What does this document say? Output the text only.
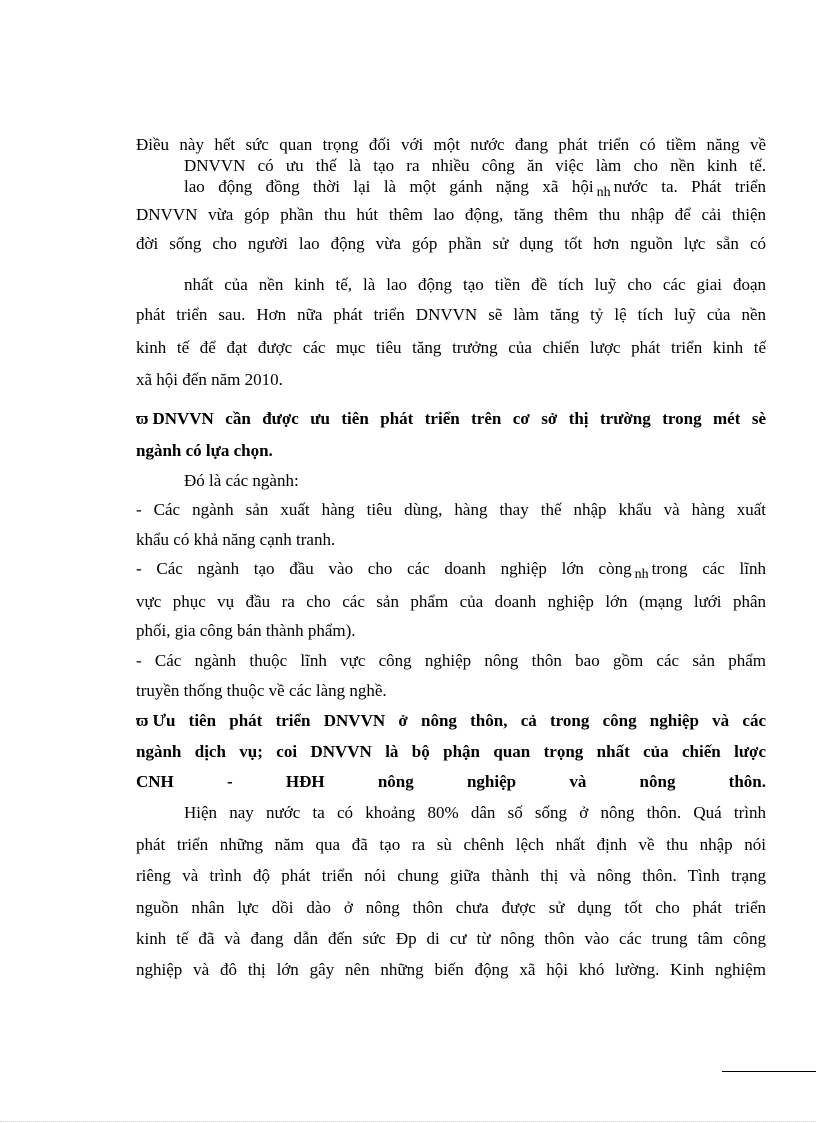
DNVVN có ưu thế là tạo ra nhiều công ăn việc làm cho nền kinh tế.
Điều này hết sức quan trọng đối với một nước đang phát triển có tiềm năng về
lao động đồng thời lại là một gánh nặng xã hội $_{nh}$ nước ta. Phát triển
DNVVN vừa góp phần thu hút thêm lao động, tăng thêm thu nhập để cải thiện
đời sống cho người lao động vừa góp phần sử dụng tốt hơn nguồn lực sẵn có
nhất của nền kinh tế, là lao động tạo tiền đề tích luỹ cho các giai đoạn
phát triển sau. Hơn nữa phát triển DNVVN sẽ làm tăng tỷ lệ tích luỹ của nền
kinh tế để đạt được các mục tiêu tăng trưởng của chiến lược phát triển kinh tế
xã hội đến năm 2010.
ϖ DNVVN cần được ưu tiên phát triển trên cơ sở thị trường trong mét sè
ngành có lựa chọn.
Đó là các ngành:
- Các ngành sản xuất hàng tiêu dùng, hàng thay thế nhập khẩu và hàng xuất
khẩu có khả năng cạnh tranh.
- Các ngành tạo đầu vào cho các doanh nghiệp lớn còng $_{nh}$ trong các lĩnh
vực phục vụ đầu ra cho các sản phẩm của doanh nghiệp lớn (mạng lưới phân
phối, gia công bán thành phẩm).
- Các ngành thuộc lĩnh vực công nghiệp nông thôn bao gồm các sản phẩm
truyền thống thuộc về các làng nghề.
ϖ Ưu tiên phát triển DNVVN ở nông thôn, cả trong công nghiệp và các
ngành dịch vụ; coi DNVVN là bộ phận quan trọng nhất của chiến lược
CNH - HĐH nông nghiệp và nông thôn.
Hiện nay nước ta có khoảng 80% dân số sống ở nông thôn. Quá trình
phát triển những năm qua đã tạo ra sù chênh lệch nhất định về thu nhập nói
riêng và trình độ phát triển nói chung giữa thành thị và nông thôn. Tình trạng
nguồn nhân lực dồi dào ở nông thôn chưa được sử dụng tốt cho phát triển
kinh tế đã và đang dẫn đến sức Ðp di cư từ nông thôn vào các trung tâm công
nghiệp và đô thị lớn gây nên những biến động xã hội khó lường. Kinh nghiệm
